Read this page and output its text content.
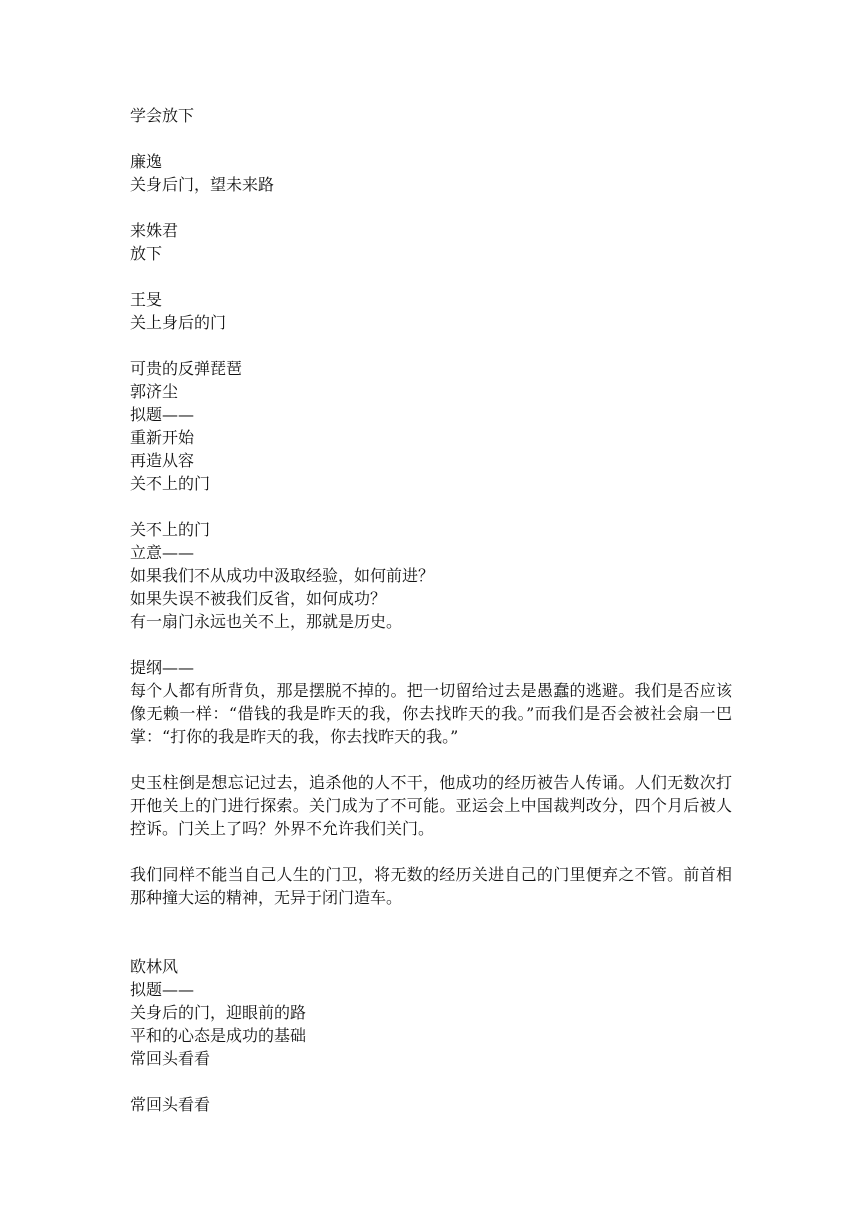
学会放下
廉逸
关身后门，望未来路
来姝君
放下
王旻
关上身后的门
可贵的反弹琵琶
郭济尘
拟题——
重新开始
再造从容
关不上的门
关不上的门
立意——
如果我们不从成功中汲取经验，如何前进？
如果失误不被我们反省，如何成功？
有一扇门永远也关不上，那就是历史。
提纲——
每个人都有所背负，那是摆脱不掉的。把一切留给过去是愚蠢的逃避。我们是否应该像无赖一样：“借钱的我是昨天的我，你去找昨天的我。”而我们是否会被社会扇一巴掌：“打你的我是昨天的我，你去找昨天的我。”
史玉柱倒是想忘记过去，追杀他的人不干，他成功的经历被告人传诵。人们无数次打开他关上的门进行探索。关门成为了不可能。亚运会上中国裁判改分，四个月后被人控诉。门关上了吗？外界不允许我们关门。
我们同样不能当自己人生的门卫，将无数的经历关进自己的门里便弃之不管。前首相那种撞大运的精神，无异于闭门造车。
欧林风
拟题——
关身后的门，迎眼前的路
平和的心态是成功的基础
常回头看看
常回头看看
